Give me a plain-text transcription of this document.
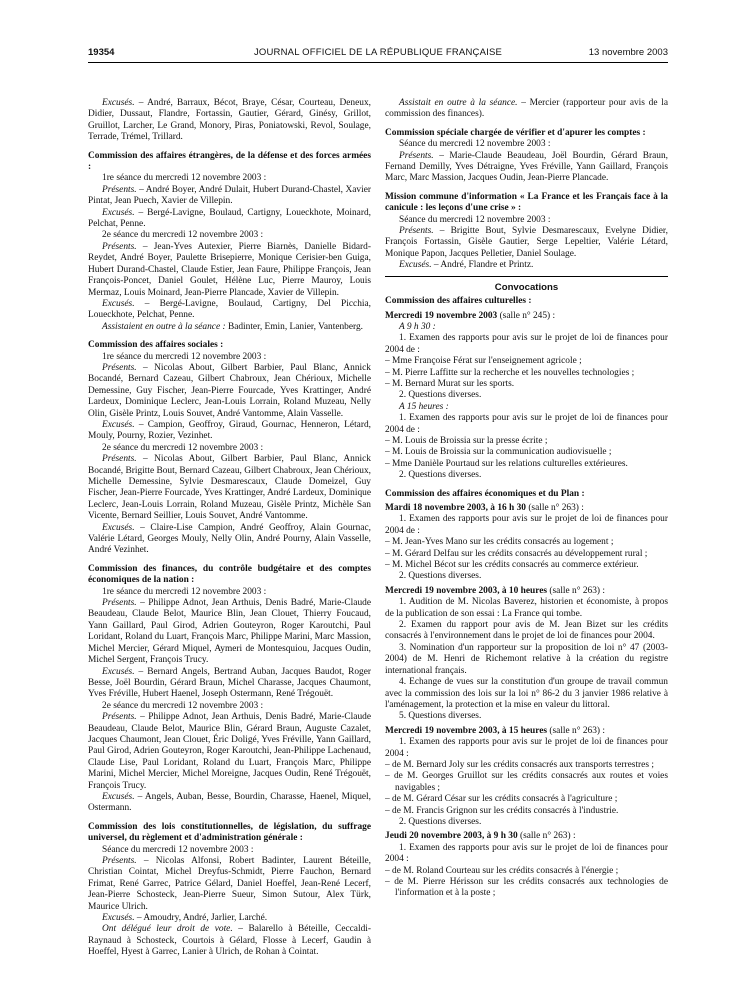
19354	JOURNAL OFFICIEL DE LA RÉPUBLIQUE FRANÇAISE	13 novembre 2003

Excusés. – André, Barraux, Bécot, Braye, César, Courteau, Deneux, Didier, Dussaut, Flandre, Fortassin, Gautier, Gérard, Ginésy, Grillot, Gruillot, Larcher, Le Grand, Monory, Piras, Poniatowski, Revol, Soulage, Terrade, Trémel, Trillard.

Commission des affaires étrangères, de la défense et des forces armées :

1re séance du mercredi 12 novembre 2003 :

Présents. – André Boyer, André Dulait, Hubert Durand-Chastel, Xavier Pintat, Jean Puech, Xavier de Villepin.

Excusés. – Bergé-Lavigne, Boulaud, Cartigny, Loueckhote, Moinard, Pelchat, Penne.

2e séance du mercredi 12 novembre 2003 :

Présents. – Jean-Yves Autexier, Pierre Biarnès, Danielle Bidard-Reydet, André Boyer, Paulette Brisepierre, Monique Cerisier-ben Guiga, Hubert Durand-Chastel, Claude Estier, Jean Faure, Philippe François, Jean François-Poncet, Daniel Goulet, Hélène Luc, Pierre Mauroy, Louis Mermaz, Louis Moinard, Jean-Pierre Plancade, Xavier de Villepin.

Excusés. – Bergé-Lavigne, Boulaud, Cartigny, Del Picchia, Loueckhote, Pelchat, Penne.

Assistaient en outre à la séance : Badinter, Emin, Lanier, Vantenberg.

Commission des affaires sociales :

1re séance du mercredi 12 novembre 2003 :

Présents. – Nicolas About, Gilbert Barbier, Paul Blanc, Annick Bocandé, Bernard Cazeau, Gilbert Chabroux, Jean Chérioux, Michelle Demessine, Guy Fischer, Jean-Pierre Fourcade, Yves Krattinger, André Lardeux, Dominique Leclerc, Jean-Louis Lorrain, Roland Muzeau, Nelly Olin, Gisèle Printz, Louis Souvet, André Vantomme, Alain Vasselle.

Excusés. – Campion, Geoffroy, Giraud, Gournac, Henneron, Létard, Mouly, Pourny, Rozier, Vezinhet.

2e séance du mercredi 12 novembre 2003 :

Présents. – Nicolas About, Gilbert Barbier, Paul Blanc, Annick Bocandé, Brigitte Bout, Bernard Cazeau, Gilbert Chabroux, Jean Chérioux, Michelle Demessine, Sylvie Desmarescaux, Claude Domeizel, Guy Fischer, Jean-Pierre Fourcade, Yves Krattinger, André Lardeux, Dominique Leclerc, Jean-Louis Lorrain, Roland Muzeau, Gisèle Printz, Michèle San Vicente, Bernard Seillier, Louis Souvet, André Vantomme.

Excusés. – Claire-Lise Campion, André Geoffroy, Alain Gournac, Valérie Létard, Georges Mouly, Nelly Olin, André Pourny, Alain Vasselle, André Vezinhet.

Commission des finances, du contrôle budgétaire et des comptes économiques de la nation :

1re séance du mercredi 12 novembre 2003 :

Présents. – Philippe Adnot, Jean Arthuis, Denis Badré, Marie-Claude Beaudeau, Claude Belot, Maurice Blin, Jean Clouet, Thierry Foucaud, Yann Gaillard, Paul Girod, Adrien Gouteyron, Roger Karoutchi, Paul Loridant, Roland du Luart, François Marc, Philippe Marini, Marc Massion, Michel Mercier, Gérard Miquel, Aymeri de Montesquiou, Jacques Oudin, Michel Sergent, François Trucy.

Excusés. – Bernard Angels, Bertrand Auban, Jacques Baudot, Roger Besse, Joël Bourdin, Gérard Braun, Michel Charasse, Jacques Chaumont, Yves Fréville, Hubert Haenel, Joseph Ostermann, René Trégouët.

2e séance du mercredi 12 novembre 2003 :

Présents. – Philippe Adnot, Jean Arthuis, Denis Badré, Marie-Claude Beaudeau, Claude Belot, Maurice Blin, Gérard Braun, Auguste Cazalet, Jacques Chaumont, Jean Clouet, Éric Doligé, Yves Fréville, Yann Gaillard, Paul Girod, Adrien Gouteyron, Roger Karoutchi, Jean-Philippe Lachenaud, Claude Lise, Paul Loridant, Roland du Luart, François Marc, Philippe Marini, Michel Mercier, Michel Moreigne, Jacques Oudin, René Trégouët, François Trucy.

Excusés. – Angels, Auban, Besse, Bourdin, Charasse, Haenel, Miquel, Ostermann.

Commission des lois constitutionnelles, de législation, du suffrage universel, du règlement et d'administration générale :

Séance du mercredi 12 novembre 2003 :

Présents. – Nicolas Alfonsi, Robert Badinter, Laurent Béteille, Christian Cointat, Michel Dreyfus-Schmidt, Pierre Fauchon, Bernard Frimat, René Garrec, Patrice Gélard, Daniel Hoeffel, Jean-René Lecerf, Jean-Pierre Schosteck, Jean-Pierre Sueur, Simon Sutour, Alex Türk, Maurice Ulrich.

Excusés. – Amoudry, André, Jarlier, Larché.

Ont délégué leur droit de vote. – Balarello à Béteille, Ceccaldi-Raynaud à Schosteck, Courtois à Gélard, Flosse à Lecerf, Gaudin à Hoeffel, Hyest à Garrec, Lanier à Ulrich, de Rohan à Cointat.

Assistait en outre à la séance. – Mercier (rapporteur pour avis de la commission des finances).

Commission spéciale chargée de vérifier et d'apurer les comptes :

Séance du mercredi 12 novembre 2003 :

Présents. – Marie-Claude Beaudeau, Joël Bourdin, Gérard Braun, Fernand Demilly, Yves Détraigne, Yves Fréville, Yann Gaillard, François Marc, Marc Massion, Jacques Oudin, Jean-Pierre Plancade.

Mission commune d'information « La France et les Français face à la canicule : les leçons d'une crise » :

Séance du mercredi 12 novembre 2003 :

Présents. – Brigitte Bout, Sylvie Desmarescaux, Evelyne Didier, François Fortassin, Gisèle Gautier, Serge Lepeltier, Valérie Létard, Monique Papon, Jacques Pelletier, Daniel Soulage.

Excusés. – André, Flandre et Printz.

Convocations

Commission des affaires culturelles :

Mercredi 19 novembre 2003 (salle n° 245) :

A 9 h 30 :

1. Examen des rapports pour avis sur le projet de loi de finances pour 2004 de :

– Mme Françoise Férat sur l'enseignement agricole ;

– M. Pierre Laffitte sur la recherche et les nouvelles technologies ;

– M. Bernard Murat sur les sports.

2. Questions diverses.

A 15 heures :

1. Examen des rapports pour avis sur le projet de loi de finances pour 2004 de :

– M. Louis de Broissia sur la presse écrite ;

– M. Louis de Broissia sur la communication audiovisuelle ;

– Mme Danièle Pourtaud sur les relations culturelles extérieures.

2. Questions diverses.

Commission des affaires économiques et du Plan :

Mardi 18 novembre 2003, à 16 h 30 (salle n° 263) :

1. Examen des rapports pour avis sur le projet de loi de finances pour 2004 de :

– M. Jean-Yves Mano sur les crédits consacrés au logement ;

– M. Gérard Delfau sur les crédits consacrés au développement rural ;

– M. Michel Bécot sur les crédits consacrés au commerce extérieur.

2. Questions diverses.

Mercredi 19 novembre 2003, à 10 heures (salle n° 263) :

1. Audition de M. Nicolas Baverez, historien et économiste, à propos de la publication de son essai : La France qui tombe.

2. Examen du rapport pour avis de M. Jean Bizet sur les crédits consacrés à l'environnement dans le projet de loi de finances pour 2004.

3. Nomination d'un rapporteur sur la proposition de loi n° 47 (2003-2004) de M. Henri de Richemont relative à la création du registre international français.

4. Echange de vues sur la constitution d'un groupe de travail commun avec la commission des lois sur la loi n° 86-2 du 3 janvier 1986 relative à l'aménagement, la protection et la mise en valeur du littoral.

5. Questions diverses.

Mercredi 19 novembre 2003, à 15 heures (salle n° 263) :

1. Examen des rapports pour avis sur le projet de loi de finances pour 2004 :

– de M. Bernard Joly sur les crédits consacrés aux transports terrestres ;

– de M. Georges Gruillot sur les crédits consacrés aux routes et voies navigables ;

– de M. Gérard César sur les crédits consacrés à l'agriculture ;

– de M. Francis Grignon sur les crédits consacrés à l'industrie.

2. Questions diverses.

Jeudi 20 novembre 2003, à 9 h 30 (salle n° 263) :

1. Examen des rapports pour avis sur le projet de loi de finances pour 2004 :

– de M. Roland Courteau sur les crédits consacrés à l'énergie ;

– de M. Pierre Hérisson sur les crédits consacrés aux technologies de l'information et à la poste ;
